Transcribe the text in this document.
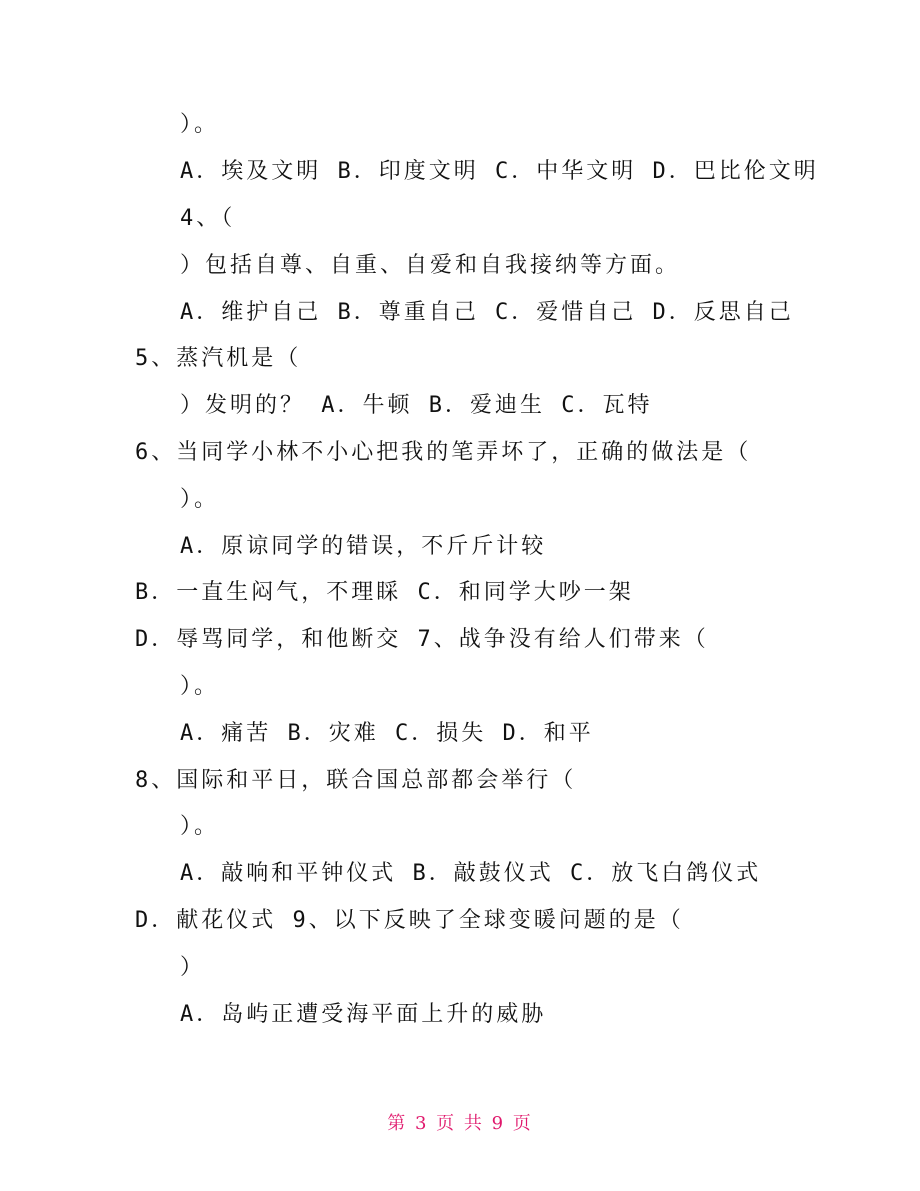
）。
A．埃及文明 B．印度文明 C．中华文明 D．巴比伦文明
4、（
）包括自尊、自重、自爱和自我接纳等方面。
A．维护自己 B．尊重自己 C．爱惜自己 D．反思自己
5、蒸汽机是（
）发明的？ A．牛顿 B．爱迪生 C．瓦特
6、当同学小林不小心把我的笔弄坏了，正确的做法是（
）。
A．原谅同学的错误，不斤斤计较
B．一直生闷气，不理睬 C．和同学大吵一架
D．辱骂同学，和他断交 7、战争没有给人们带来（
）。
A．痛苦 B．灾难 C．损失 D．和平
8、国际和平日，联合国总部都会举行（
）。
A．敲响和平钟仪式 B．敲鼓仪式 C．放飞白鸽仪式
D．献花仪式 9、以下反映了全球变暖问题的是（
）
A．岛屿正遭受海平面上升的威胁
第 3 页 共 9 页
